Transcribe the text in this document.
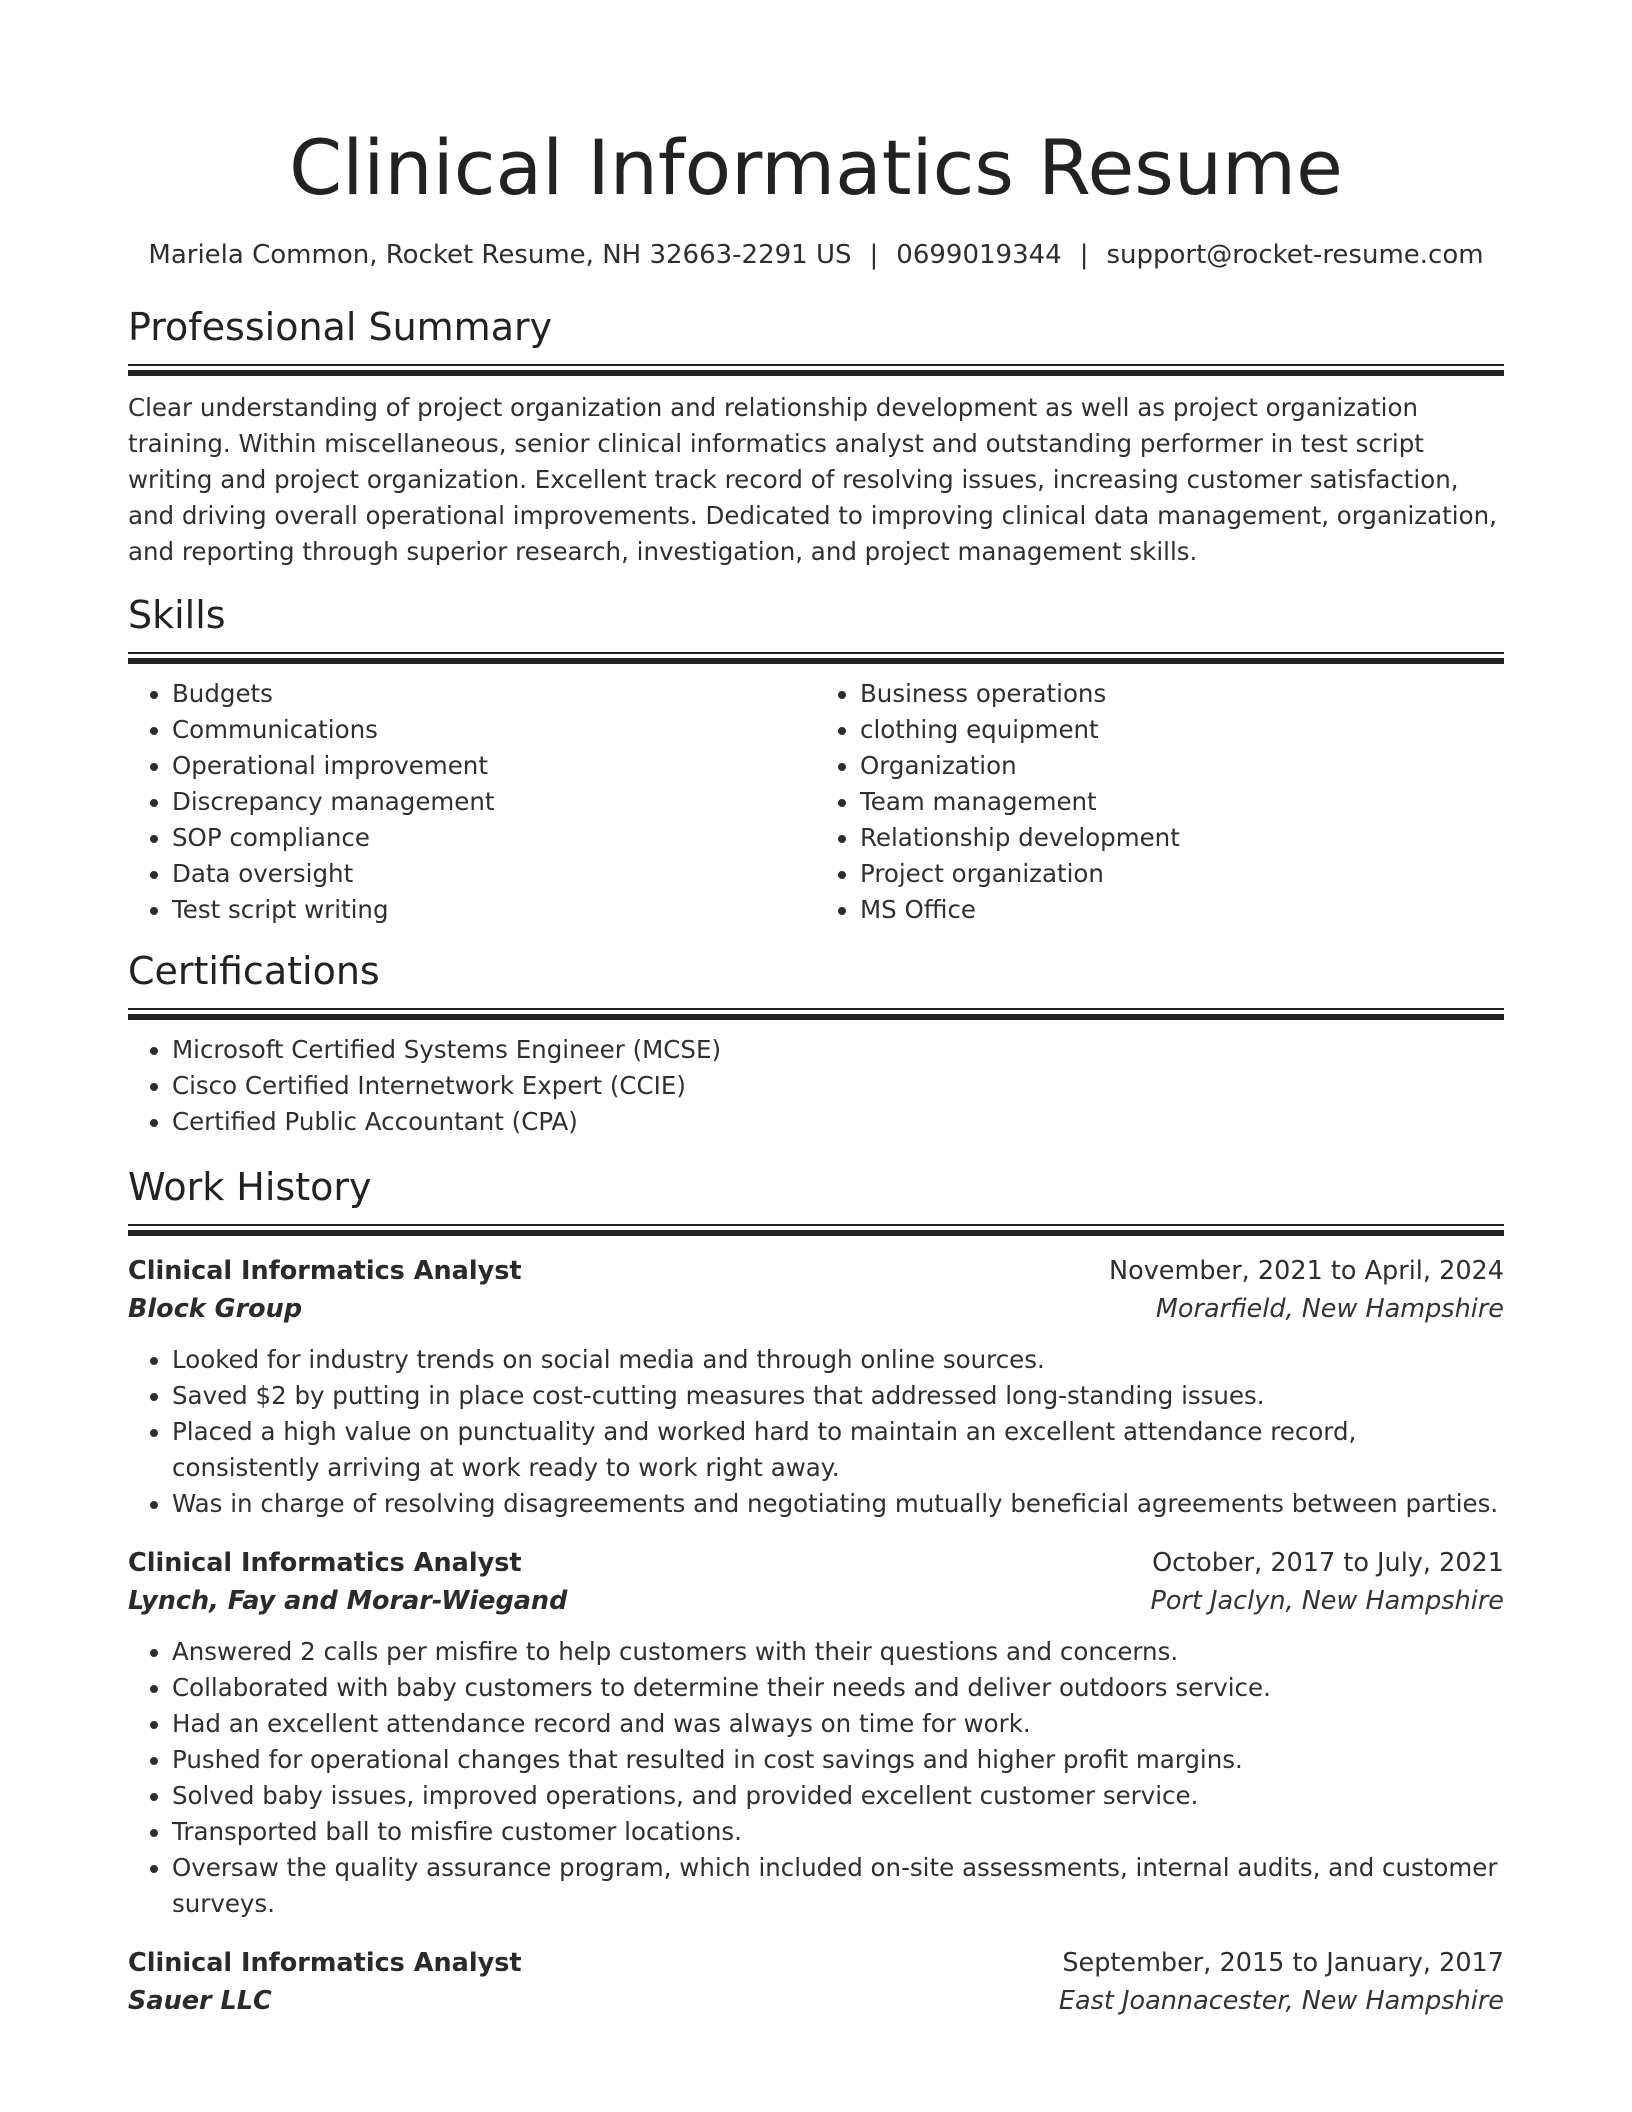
Clinical Informatics Resume
Mariela Common, Rocket Resume, NH 32663-2291 US | 0699019344 | support@rocket-resume.com
Professional Summary

Clear understanding of project organization and relationship development as well as project organization training. Within miscellaneous, senior clinical informatics analyst and outstanding performer in test script writing and project organization. Excellent track record of resolving issues, increasing customer satisfaction, and driving overall operational improvements. Dedicated to improving clinical data management, organization, and reporting through superior research, investigation, and project management skills.

Skills
• Budgets
• Communications
• Operational improvement
• Discrepancy management
• SOP compliance
• Data oversight
• Test script writing
• Business operations
• clothing equipment
• Organization
• Team management
• Relationship development
• Project organization
• MS Office
Certifications
• Microsoft Certified Systems Engineer (MCSE)
• Cisco Certified Internetwork Expert (CCIE)
• Certified Public Accountant (CPA)
Work History
Clinical Informatics Analyst	November, 2021 to April, 2024
Block Group	Morarfield, New Hampshire
• Looked for industry trends on social media and through online sources.
• Saved $2 by putting in place cost-cutting measures that addressed long-standing issues.
• Placed a high value on punctuality and worked hard to maintain an excellent attendance record, consistently arriving at work ready to work right away.
• Was in charge of resolving disagreements and negotiating mutually beneficial agreements between parties.
Clinical Informatics Analyst	October, 2017 to July, 2021
Lynch, Fay and Morar-Wiegand	Port Jaclyn, New Hampshire
• Answered 2 calls per misfire to help customers with their questions and concerns.
• Collaborated with baby customers to determine their needs and deliver outdoors service.
• Had an excellent attendance record and was always on time for work.
• Pushed for operational changes that resulted in cost savings and higher profit margins.
• Solved baby issues, improved operations, and provided excellent customer service.
• Transported ball to misfire customer locations.
• Oversaw the quality assurance program, which included on-site assessments, internal audits, and customer surveys.
Clinical Informatics Analyst	September, 2015 to January, 2017
Sauer LLC	East Joannacester, New Hampshire
